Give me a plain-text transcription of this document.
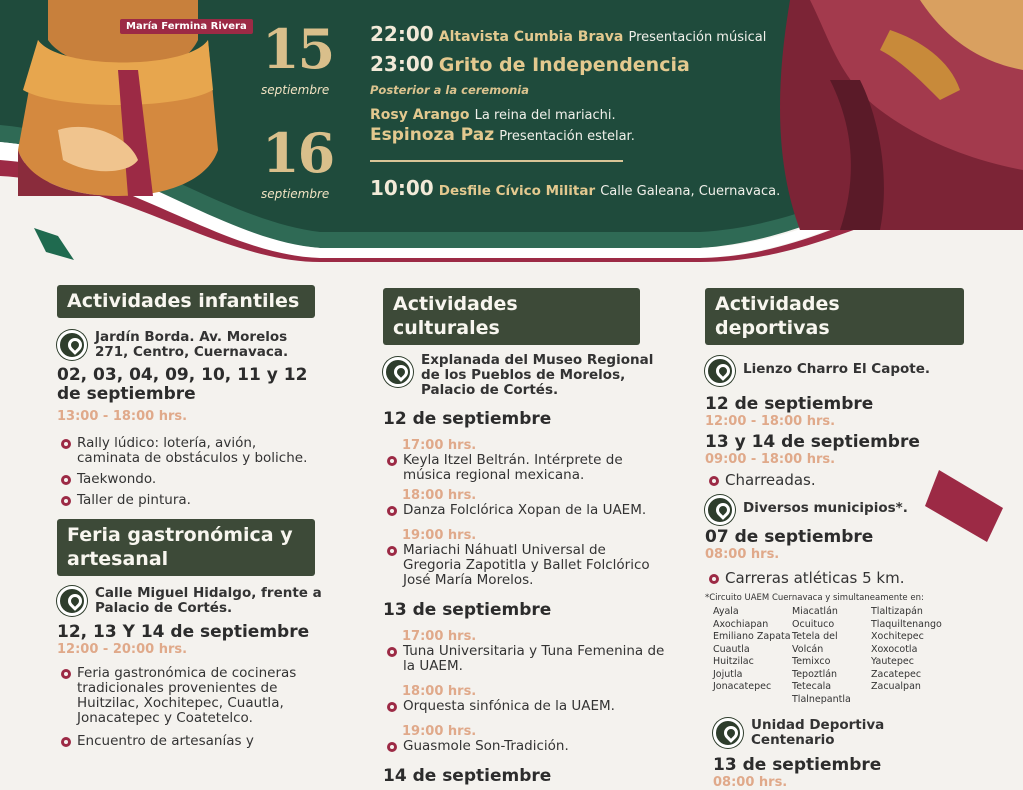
María Fermina Rivera 15
septiembre
16
septiembre
22:00 Altavista Cumbia Brava Presentación músical
23:00 Grito de Independencia
Posterior a la ceremonia
Rosy Arango La reina del mariachi.
Espinoza Paz Presentación estelar.
10:00 Desfile Cívico Militar Calle Galeana, Cuernavaca.
Actividades infantiles
Jardín Borda. Av. Morelos 271, Centro, Cuernavaca.
02, 03, 04, 09, 10, 11 y 12 de septiembre
13:00 - 18:00 hrs.
Rally lúdico: lotería, avión, caminata de obstáculos y boliche.
Taekwondo.
Taller de pintura.
Feria gastronómica y artesanal
Calle Miguel Hidalgo, frente a Palacio de Cortés.
12, 13 Y 14 de septiembre
12:00 - 20:00 hrs.
Feria gastronómica de cocineras tradicionales provenientes de Huitzilac, Xochitepec, Cuautla, Jonacatepec y Coatetelco.
Encuentro de artesanías y
Actividades culturales
Explanada del Museo Regional de los Pueblos de Morelos, Palacio de Cortés.
12 de septiembre
17:00 hrs.
Keyla Itzel Beltrán. Intérprete de música regional mexicana.
18:00 hrs.
Danza Folclórica Xopan de la UAEM.
19:00 hrs.
Mariachi Náhuatl Universal de Gregoria Zapotitla y Ballet Folclórico José María Morelos.
13 de septiembre
17:00 hrs.
Tuna Universitaria y Tuna Femenina de la UAEM.
18:00 hrs.
Orquesta sinfónica de la UAEM.
19:00 hrs.
Guasmole Son-Tradición.
14 de septiembre
Actividades deportivas
Lienzo Charro El Capote.
12 de septiembre
12:00 - 18:00 hrs.
13 y 14 de septiembre
09:00 - 18:00 hrs.
Charreadas.
Diversos municipios*.
07 de septiembre
08:00 hrs.
Carreras atléticas 5 km.
*Circuito UAEM Cuernavaca y simultaneamente en:
Ayala
Axochiapan
Emiliano Zapata
Cuautla
Huitzilac
Jojutla
Jonacatepec
Miacatlán
Ocuituco
Tetela del Volcán
Temixco
Tepoztlán
Tetecala
Tlalnepantla
Tlaltizapán
Tlaquiltenango
Xochitepec
Xoxocotla
Yautepec
Zacatepec
Zacualpan
Unidad Deportiva Centenario
13 de septiembre
08:00 hrs.
